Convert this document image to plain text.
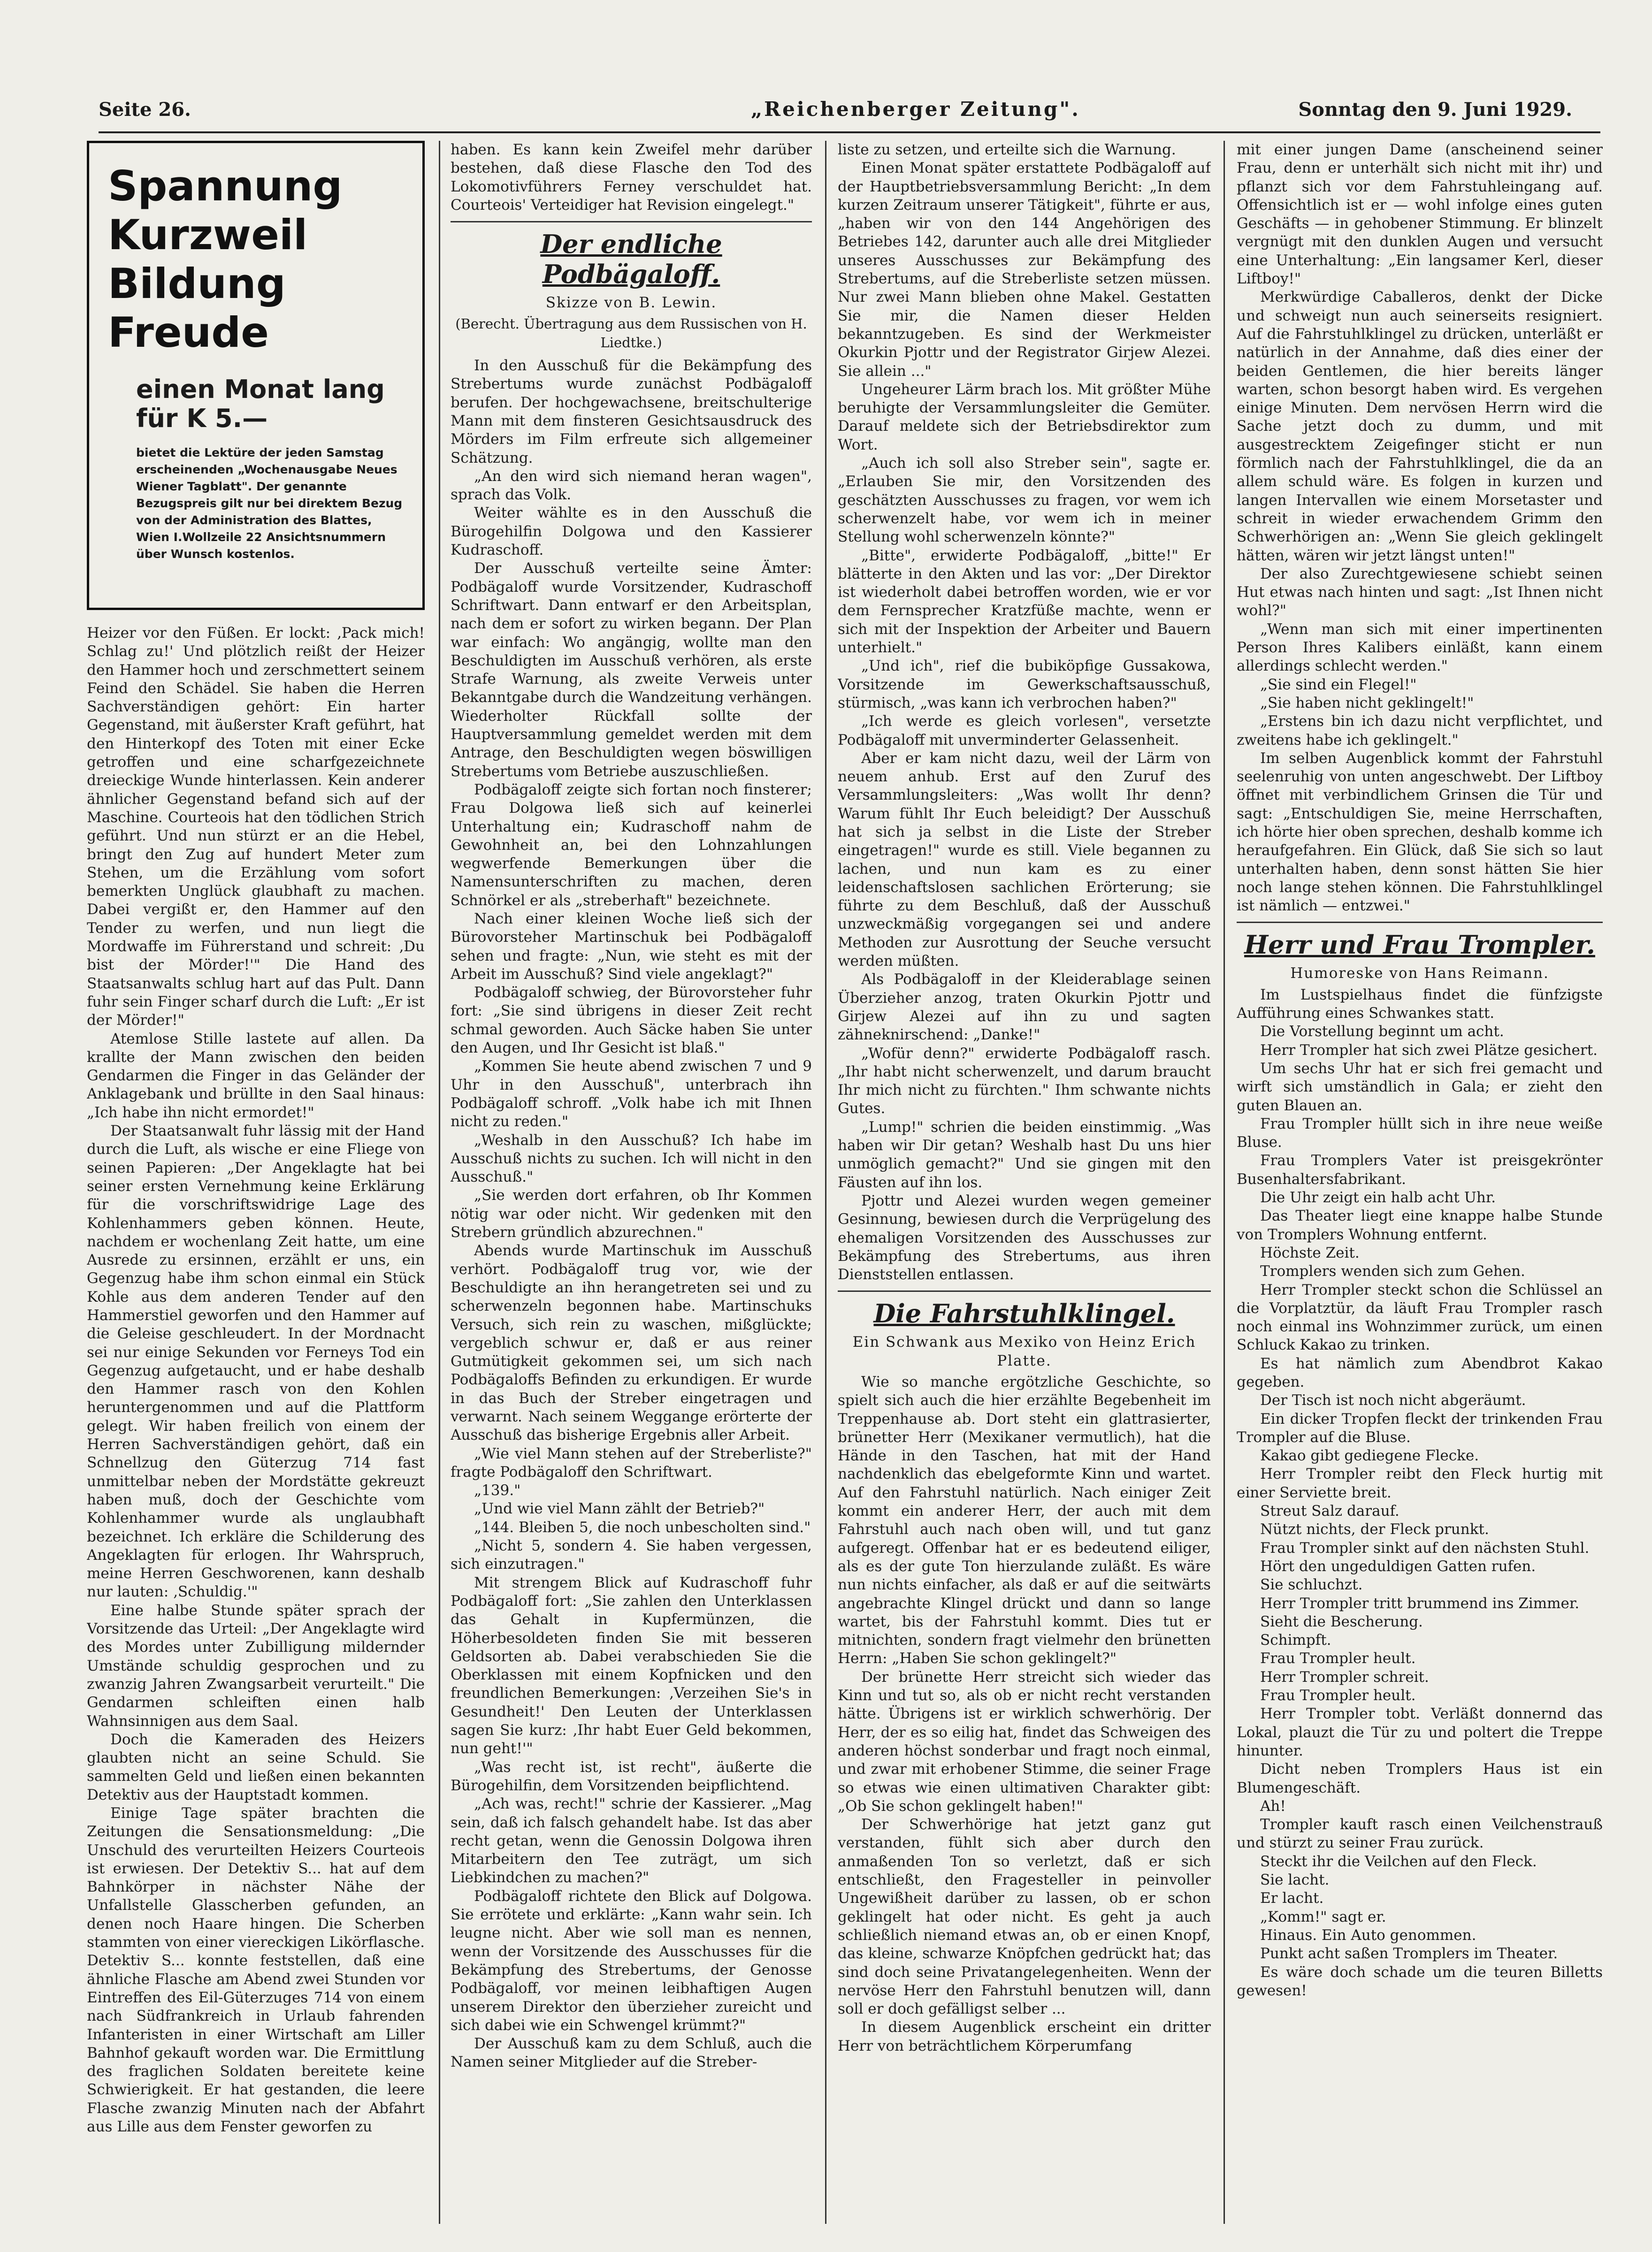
Seite 26.	„Reichenberger Zeitung".	Sonntag den 9. Juni 1929.
Spannung
Kurzweil
Bildung
Freude
einen Monat lang für K 5.—
bietet die Lektüre der jeden Samstag erscheinenden „Wochenausgabe Neues Wiener Tagblatt". Der genannte Bezugspreis gilt nur bei direktem Bezug von der Administration des Blattes, Wien I.Wollzeile 22 Ansichtsnummern über Wunsch kostenlos.

Heizer vor den Füßen. Er lockt: ‚Pack mich! Schlag zu!' Und plötzlich reißt der Heizer den Hammer hoch und zerschmettert seinem Feind den Schädel. Sie haben die Herren Sachverständigen gehört: Ein harter Gegenstand, mit äußerster Kraft geführt, hat den Hinterkopf des Toten mit einer Ecke getroffen und eine scharfgezeichnete dreieckige Wunde hinterlassen. Kein anderer ähnlicher Gegenstand befand sich auf der Maschine. Courteois hat den tödlichen Strich geführt. Und nun stürzt er an die Hebel, bringt den Zug auf hundert Meter zum Stehen, um die Erzählung vom sofort bemerkten Unglück glaubhaft zu machen. Dabei vergißt er, den Hammer auf den Tender zu werfen, und nun liegt die Mordwaffe im Führerstand und schreit: ‚Du bist der Mörder!'" Die Hand des Staatsanwalts schlug hart auf das Pult. Dann fuhr sein Finger scharf durch die Luft: „Er ist der Mörder!"

Atemlose Stille lastete auf allen. Da krallte der Mann zwischen den beiden Gendarmen die Finger in das Geländer der Anklagebank und brüllte in den Saal hinaus: „Ich habe ihn nicht ermordet!"

Der Staatsanwalt fuhr lässig mit der Hand durch die Luft, als wische er eine Fliege von seinen Papieren: „Der Angeklagte hat bei seiner ersten Vernehmung keine Erklärung für die vorschriftswidrige Lage des Kohlenhammers geben können. Heute, nachdem er wochenlang Zeit hatte, um eine Ausrede zu ersinnen, erzählt er uns, ein Gegenzug habe ihm schon einmal ein Stück Kohle aus dem anderen Tender auf den Hammerstiel geworfen und den Hammer auf die Geleise geschleudert. In der Mordnacht sei nur einige Sekunden vor Ferneys Tod ein Gegenzug aufgetaucht, und er habe deshalb den Hammer rasch von den Kohlen heruntergenommen und auf die Plattform gelegt. Wir haben freilich von einem der Herren Sachverständigen gehört, daß ein Schnellzug den Güterzug 714 fast unmittelbar neben der Mordstätte gekreuzt haben muß, doch der Geschichte vom Kohlenhammer wurde als unglaubhaft bezeichnet. Ich erkläre die Schilderung des Angeklagten für erlogen. Ihr Wahrspruch, meine Herren Geschworenen, kann deshalb nur lauten: ‚Schuldig.'"

Eine halbe Stunde später sprach der Vorsitzende das Urteil: „Der Angeklagte wird des Mordes unter Zubilligung mildernder Umstände schuldig gesprochen und zu zwanzig Jahren Zwangsarbeit verurteilt." Die Gendarmen schleiften einen halb Wahnsinnigen aus dem Saal.

Doch die Kameraden des Heizers glaubten nicht an seine Schuld. Sie sammelten Geld und ließen einen bekannten Detektiv aus der Hauptstadt kommen.

Einige Tage später brachten die Zeitungen die Sensationsmeldung: „Die Unschuld des verurteilten Heizers Courteois ist erwiesen. Der Detektiv S... hat auf dem Bahnkörper in nächster Nähe der Unfallstelle Glasscherben gefunden, an denen noch Haare hingen. Die Scherben stammten von einer viereckigen Likörflasche. Detektiv S... konnte feststellen, daß eine ähnliche Flasche am Abend zwei Stunden vor Eintreffen des Eil-Güterzuges 714 von einem nach Südfrankreich in Urlaub fahrenden Infanteristen in einer Wirtschaft am Liller Bahnhof gekauft worden war. Die Ermittlung des fraglichen Soldaten bereitete keine Schwierigkeit. Er hat gestanden, die leere Flasche zwanzig Minuten nach der Abfahrt aus Lille aus dem Fenster geworfen zu

haben. Es kann kein Zweifel mehr darüber bestehen, daß diese Flasche den Tod des Lokomotivführers Ferney verschuldet hat. Courteois' Verteidiger hat Revision eingelegt."

Der endliche Podbägaloff.
Skizze von B. Lewin.
(Berecht. Übertragung aus dem Russischen von H. Liedtke.)

In den Ausschuß für die Bekämpfung des Strebertums wurde zunächst Podbägaloff berufen. Der hochgewachsene, breitschulterige Mann mit dem finsteren Gesichtsausdruck des Mörders im Film erfreute sich allgemeiner Schätzung.

„An den wird sich niemand heran wagen", sprach das Volk.

Weiter wählte es in den Ausschuß die Bürogehilfin Dolgowa und den Kassierer Kudraschoff.

Der Ausschuß verteilte seine Ämter: Podbägaloff wurde Vorsitzender, Kudraschoff Schriftwart. Dann entwarf er den Arbeitsplan, nach dem er sofort zu wirken begann. Der Plan war einfach: Wo angängig, wollte man den Beschuldigten im Ausschuß verhören, als erste Strafe Warnung, als zweite Verweis unter Bekanntgabe durch die Wandzeitung verhängen. Wiederholter Rückfall sollte der Hauptversammlung gemeldet werden mit dem Antrage, den Beschuldigten wegen böswilligen Strebertums vom Betriebe auszuschließen.

Podbägaloff zeigte sich fortan noch finsterer; Frau Dolgowa ließ sich auf keinerlei Unterhaltung ein; Kudraschoff nahm de Gewohnheit an, bei den Lohnzahlungen wegwerfende Bemerkungen über die Namensunterschriften zu machen, deren Schnörkel er als „streberhaft" bezeichnete.

Nach einer kleinen Woche ließ sich der Bürovorsteher Martinschuk bei Podbägaloff sehen und fragte: „Nun, wie steht es mit der Arbeit im Ausschuß? Sind viele angeklagt?"

Podbägaloff schwieg, der Bürovorsteher fuhr fort: „Sie sind übrigens in dieser Zeit recht schmal geworden. Auch Säcke haben Sie unter den Augen, und Ihr Gesicht ist blaß."

„Kommen Sie heute abend zwischen 7 und 9 Uhr in den Ausschuß", unterbrach ihn Podbägaloff schroff. „Volk habe ich mit Ihnen nicht zu reden."

„Weshalb in den Ausschuß? Ich habe im Ausschuß nichts zu suchen. Ich will nicht in den Ausschuß."

„Sie werden dort erfahren, ob Ihr Kommen nötig war oder nicht. Wir gedenken mit den Strebern gründlich abzurechnen."

Abends wurde Martinschuk im Ausschuß verhört. Podbägaloff trug vor, wie der Beschuldigte an ihn herangetreten sei und zu scherwenzeln begonnen habe. Martinschuks Versuch, sich rein zu waschen, mißglückte; vergeblich schwur er, daß er aus reiner Gutmütigkeit gekommen sei, um sich nach Podbägaloffs Befinden zu erkundigen. Er wurde in das Buch der Streber eingetragen und verwarnt. Nach seinem Weggange erörterte der Ausschuß das bisherige Ergebnis aller Arbeit.

„Wie viel Mann stehen auf der Streberliste?" fragte Podbägaloff den Schriftwart.

„139."

„Und wie viel Mann zählt der Betrieb?"

„144. Bleiben 5, die noch unbescholten sind."

„Nicht 5, sondern 4. Sie haben vergessen, sich einzutragen."

Mit strengem Blick auf Kudraschoff fuhr Podbägaloff fort: „Sie zahlen den Unterklassen das Gehalt in Kupfermünzen, die Höherbesoldeten finden Sie mit besseren Geldsorten ab. Dabei verabschieden Sie die Oberklassen mit einem Kopfnicken und den freundlichen Bemerkungen: ‚Verzeihen Sie's in Gesundheit!' Den Leuten der Unterklassen sagen Sie kurz: ‚Ihr habt Euer Geld bekommen, nun geht!'"

„Was recht ist, ist recht", äußerte die Bürogehilfin, dem Vorsitzenden beipflichtend.

„Ach was, recht!" schrie der Kassierer. „Mag sein, daß ich falsch gehandelt habe. Ist das aber recht getan, wenn die Genossin Dolgowa ihren Mitarbeitern den Tee zuträgt, um sich Liebkindchen zu machen?"

Podbägaloff richtete den Blick auf Dolgowa. Sie errötete und erklärte: „Kann wahr sein. Ich leugne nicht. Aber wie soll man es nennen, wenn der Vorsitzende des Ausschusses für die Bekämpfung des Strebertums, der Genosse Podbägaloff, vor meinen leibhaftigen Augen unserem Direktor den überzieher zureicht und sich dabei wie ein Schwengel krümmt?"

Der Ausschuß kam zu dem Schluß, auch die Namen seiner Mitglieder auf die Streber-

liste zu setzen, und erteilte sich die Warnung.

Einen Monat später erstattete Podbägaloff auf der Hauptbetriebsversammlung Bericht: „In dem kurzen Zeitraum unserer Tätigkeit", führte er aus, „haben wir von den 144 Angehörigen des Betriebes 142, darunter auch alle drei Mitglieder unseres Ausschusses zur Bekämpfung des Strebertums, auf die Streberliste setzen müssen. Nur zwei Mann blieben ohne Makel. Gestatten Sie mir, die Namen dieser Helden bekanntzugeben. Es sind der Werkmeister Okurkin Pjottr und der Registrator Girjew Alezei. Sie allein ..."

Ungeheurer Lärm brach los. Mit größter Mühe beruhigte der Versammlungsleiter die Gemüter. Darauf meldete sich der Betriebsdirektor zum Wort.

„Auch ich soll also Streber sein", sagte er. „Erlauben Sie mir, den Vorsitzenden des geschätzten Ausschusses zu fragen, vor wem ich scherwenzelt habe, vor wem ich in meiner Stellung wohl scherwenzeln könnte?"

„Bitte", erwiderte Podbägaloff, „bitte!" Er blätterte in den Akten und las vor: „Der Direktor ist wiederholt dabei betroffen worden, wie er vor dem Fernsprecher Kratzfüße machte, wenn er sich mit der Inspektion der Arbeiter und Bauern unterhielt."

„Und ich", rief die bubiköpfige Gussakowa, Vorsitzende im Gewerkschaftsausschuß, stürmisch, „was kann ich verbrochen haben?"

„Ich werde es gleich vorlesen", versetzte Podbägaloff mit unverminderter Gelassenheit.

Aber er kam nicht dazu, weil der Lärm von neuem anhub. Erst auf den Zuruf des Versammlungsleiters: „Was wollt Ihr denn? Warum fühlt Ihr Euch beleidigt? Der Ausschuß hat sich ja selbst in die Liste der Streber eingetragen!" wurde es still. Viele begannen zu lachen, und nun kam es zu einer leidenschaftslosen sachlichen Erörterung; sie führte zu dem Beschluß, daß der Ausschuß unzweckmäßig vorgegangen sei und andere Methoden zur Ausrottung der Seuche versucht werden müßten.

Als Podbägaloff in der Kleiderablage seinen Überzieher anzog, traten Okurkin Pjottr und Girjew Alezei auf ihn zu und sagten zähneknirschend: „Danke!"

„Wofür denn?" erwiderte Podbägaloff rasch. „Ihr habt nicht scherwenzelt, und darum braucht Ihr mich nicht zu fürchten." Ihm schwante nichts Gutes.

„Lump!" schrien die beiden einstimmig. „Was haben wir Dir getan? Weshalb hast Du uns hier unmöglich gemacht?" Und sie gingen mit den Fäusten auf ihn los.

Pjottr und Alezei wurden wegen gemeiner Gesinnung, bewiesen durch die Verprügelung des ehemaligen Vorsitzenden des Ausschusses zur Bekämpfung des Strebertums, aus ihren Dienststellen entlassen.

Die Fahrstuhlklingel.
Ein Schwank aus Mexiko von Heinz Erich Platte.

Wie so manche ergötzliche Geschichte, so spielt sich auch die hier erzählte Begebenheit im Treppenhause ab. Dort steht ein glattrasierter, brünetter Herr (Mexikaner vermutlich), hat die Hände in den Taschen, hat mit der Hand nachdenklich das ebelgeformte Kinn und wartet. Auf den Fahrstuhl natürlich. Nach einiger Zeit kommt ein anderer Herr, der auch mit dem Fahrstuhl auch nach oben will, und tut ganz aufgeregt. Offenbar hat er es bedeutend eiliger, als es der gute Ton hierzulande zuläßt. Es wäre nun nichts einfacher, als daß er auf die seitwärts angebrachte Klingel drückt und dann so lange wartet, bis der Fahrstuhl kommt. Dies tut er mitnichten, sondern fragt vielmehr den brünetten Herrn: „Haben Sie schon geklingelt?"

Der brünette Herr streicht sich wieder das Kinn und tut so, als ob er nicht recht verstanden hätte. Übrigens ist er wirklich schwerhörig. Der Herr, der es so eilig hat, findet das Schweigen des anderen höchst sonderbar und fragt noch einmal, und zwar mit erhobener Stimme, die seiner Frage so etwas wie einen ultimativen Charakter gibt: „Ob Sie schon geklingelt haben!"

Der Schwerhörige hat jetzt ganz gut verstanden, fühlt sich aber durch den anmaßenden Ton so verletzt, daß er sich entschließt, den Fragesteller in peinvoller Ungewißheit darüber zu lassen, ob er schon geklingelt hat oder nicht. Es geht ja auch schließlich niemand etwas an, ob er einen Knopf, das kleine, schwarze Knöpfchen gedrückt hat; das sind doch seine Privatangelegenheiten. Wenn der nervöse Herr den Fahrstuhl benutzen will, dann soll er doch gefälligst selber ...

In diesem Augenblick erscheint ein dritter Herr von beträchtlichem Körperumfang

mit einer jungen Dame (anscheinend seiner Frau, denn er unterhält sich nicht mit ihr) und pflanzt sich vor dem Fahrstuhleingang auf. Offensichtlich ist er — wohl infolge eines guten Geschäfts — in gehobener Stimmung. Er blinzelt vergnügt mit den dunklen Augen und versucht eine Unterhaltung: „Ein langsamer Kerl, dieser Liftboy!"

Merkwürdige Caballeros, denkt der Dicke und schweigt nun auch seinerseits resigniert. Auf die Fahrstuhlklingel zu drücken, unterläßt er natürlich in der Annahme, daß dies einer der beiden Gentlemen, die hier bereits länger warten, schon besorgt haben wird. Es vergehen einige Minuten. Dem nervösen Herrn wird die Sache jetzt doch zu dumm, und mit ausgestrecktem Zeigefinger sticht er nun förmlich nach der Fahrstuhlklingel, die da an allem schuld wäre. Es folgen in kurzen und langen Intervallen wie einem Morsetaster und schreit in wieder erwachendem Grimm den Schwerhörigen an: „Wenn Sie gleich geklingelt hätten, wären wir jetzt längst unten!"

Der also Zurechtgewiesene schiebt seinen Hut etwas nach hinten und sagt: „Ist Ihnen nicht wohl?"

„Wenn man sich mit einer impertinenten Person Ihres Kalibers einläßt, kann einem allerdings schlecht werden."

„Sie sind ein Flegel!"

„Sie haben nicht geklingelt!"

„Erstens bin ich dazu nicht verpflichtet, und zweitens habe ich geklingelt."

Im selben Augenblick kommt der Fahrstuhl seelenruhig von unten angeschwebt. Der Liftboy öffnet mit verbindlichem Grinsen die Tür und sagt: „Entschuldigen Sie, meine Herrschaften, ich hörte hier oben sprechen, deshalb komme ich heraufgefahren. Ein Glück, daß Sie sich so laut unterhalten haben, denn sonst hätten Sie hier noch lange stehen können. Die Fahrstuhlklingel ist nämlich — entzwei."

Herr und Frau Trompler.
Humoreske von Hans Reimann.

Im Lustspielhaus findet die fünfzigste Aufführung eines Schwankes statt.

Die Vorstellung beginnt um acht.

Herr Trompler hat sich zwei Plätze gesichert.

Um sechs Uhr hat er sich frei gemacht und wirft sich umständlich in Gala; er zieht den guten Blauen an.

Frau Trompler hüllt sich in ihre neue weiße Bluse.

Frau Tromplers Vater ist preisgekrönter Busenhaltersfabrikant.

Die Uhr zeigt ein halb acht Uhr.

Das Theater liegt eine knappe halbe Stunde von Tromplers Wohnung entfernt.

Höchste Zeit.

Tromplers wenden sich zum Gehen.

Herr Trompler steckt schon die Schlüssel an die Vorplatztür, da läuft Frau Trompler rasch noch einmal ins Wohnzimmer zurück, um einen Schluck Kakao zu trinken.

Es hat nämlich zum Abendbrot Kakao gegeben.

Der Tisch ist noch nicht abgeräumt.

Ein dicker Tropfen fleckt der trinkenden Frau Trompler auf die Bluse.

Kakao gibt gediegene Flecke.

Herr Trompler reibt den Fleck hurtig mit einer Serviette breit.

Streut Salz darauf.

Nützt nichts, der Fleck prunkt.

Frau Trompler sinkt auf den nächsten Stuhl.

Hört den ungeduldigen Gatten rufen.

Sie schluchzt.

Herr Trompler tritt brummend ins Zimmer.

Sieht die Bescherung.

Schimpft.

Frau Trompler heult.

Herr Trompler schreit.

Frau Trompler heult.

Herr Trompler tobt. Verläßt donnernd das Lokal, plauzt die Tür zu und poltert die Treppe hinunter.

Dicht neben Tromplers Haus ist ein Blumengeschäft.

Ah!

Trompler kauft rasch einen Veilchenstrauß und stürzt zu seiner Frau zurück.

Steckt ihr die Veilchen auf den Fleck.

Sie lacht.

Er lacht.

„Komm!" sagt er.

Hinaus. Ein Auto genommen.

Punkt acht saßen Tromplers im Theater.

Es wäre doch schade um die teuren Billetts gewesen!
